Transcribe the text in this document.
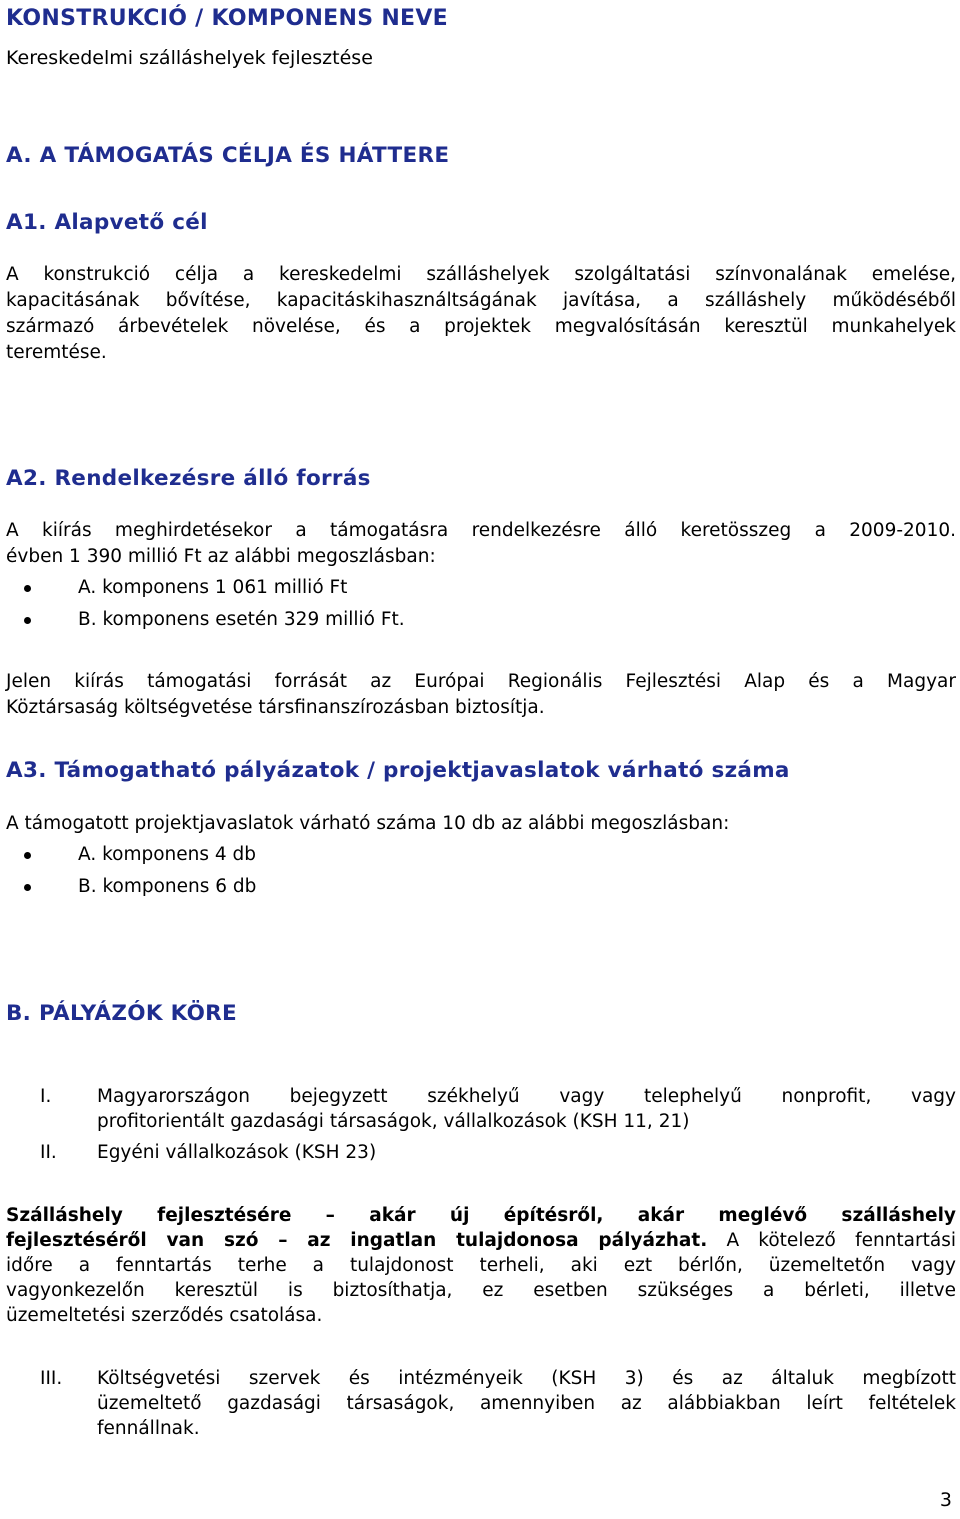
KONSTRUKCIÓ / KOMPONENS NEVE
Kereskedelmi szálláshelyek fejlesztése
A. A TÁMOGATÁS CÉLJA ÉS HÁTTERE
A1. Alapvető cél
A konstrukció célja a kereskedelmi szálláshelyek szolgáltatási színvonalának emelése,
kapacitásának bővítése, kapacitáskihasználtságának javítása, a szálláshely működéséből
származó árbevételek növelése, és a projektek megvalósításán keresztül munkahelyek
teremtése.
A2. Rendelkezésre álló forrás
A kiírás meghirdetésekor a támogatásra rendelkezésre álló keretösszeg a 2009-2010.
évben 1 390 millió Ft az alábbi megoszlásban:
A. komponens 1 061 millió Ft
B. komponens esetén 329 millió Ft.
Jelen kiírás támogatási forrását az Európai Regionális Fejlesztési Alap és a Magyar
Köztársaság költségvetése társfinanszírozásban biztosítja.
A3. Támogatható pályázatok / projektjavaslatok várható száma
A támogatott projektjavaslatok várható száma 10 db az alábbi megoszlásban:
A. komponens 4 db
B. komponens 6 db
B. PÁLYÁZÓK KÖRE
I. Magyarországon bejegyzett székhelyű vagy telephelyű nonprofit, vagy
profitorientált gazdasági társaságok, vállalkozások (KSH 11, 21)
II. Egyéni vállalkozások (KSH 23)
Szálláshely fejlesztésére – akár új építésről, akár meglévő szálláshely
fejlesztéséről van szó – az ingatlan tulajdonosa pályázhat. A kötelező fenntartási
időre a fenntartás terhe a tulajdonost terheli, aki ezt bérlőn, üzemeltetőn vagy
vagyonkezelőn keresztül is biztosíthatja, ez esetben szükséges a bérleti, illetve
üzemeltetési szerződés csatolása.
III. Költségvetési szervek és intézményeik (KSH 3) és az általuk megbízott
üzemeltető gazdasági társaságok, amennyiben az alábbiakban leírt feltételek
fennállnak.
3
